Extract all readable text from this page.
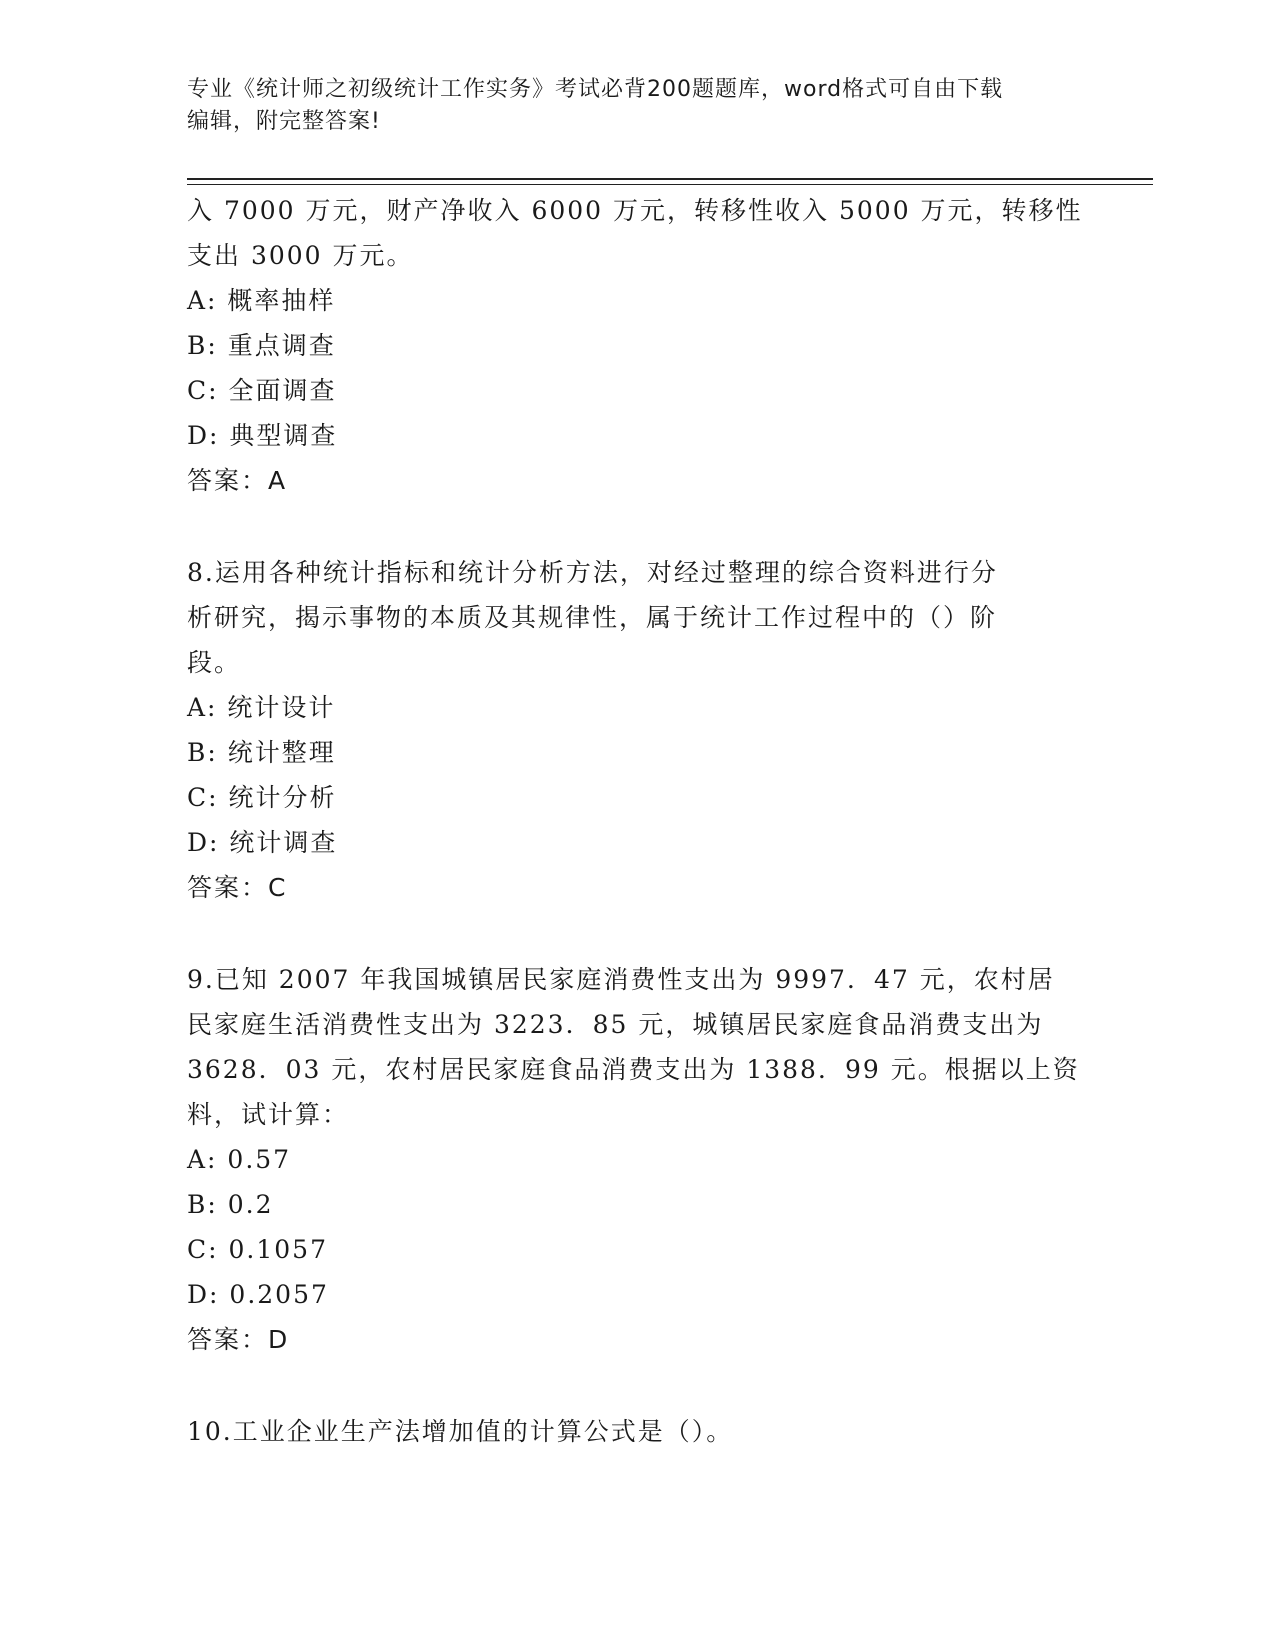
专业《统计师之初级统计工作实务》考试必背200题题库，word格式可自由下载
编辑，附完整答案!

入 7000 万元，财产净收入 6000 万元，转移性收入 5000 万元，转移性

支出 3000 万元。

A: 概率抽样

B: 重点调查

C: 全面调查

D: 典型调查

答案：A

8.运用各种统计指标和统计分析方法，对经过整理的综合资料进行分

析研究，揭示事物的本质及其规律性，属于统计工作过程中的（）阶

段。

A: 统计设计

B: 统计整理

C: 统计分析

D: 统计调查

答案：C

9.已知 2007 年我国城镇居民家庭消费性支出为 9997．47 元，农村居

民家庭生活消费性支出为 3223．85 元，城镇居民家庭食品消费支出为

3628．03 元，农村居民家庭食品消费支出为 1388．99 元。根据以上资

料，试计算：

A: 0.57

B: 0.2

C: 0.1057

D: 0.2057

答案：D

10.工业企业生产法增加值的计算公式是（）。
